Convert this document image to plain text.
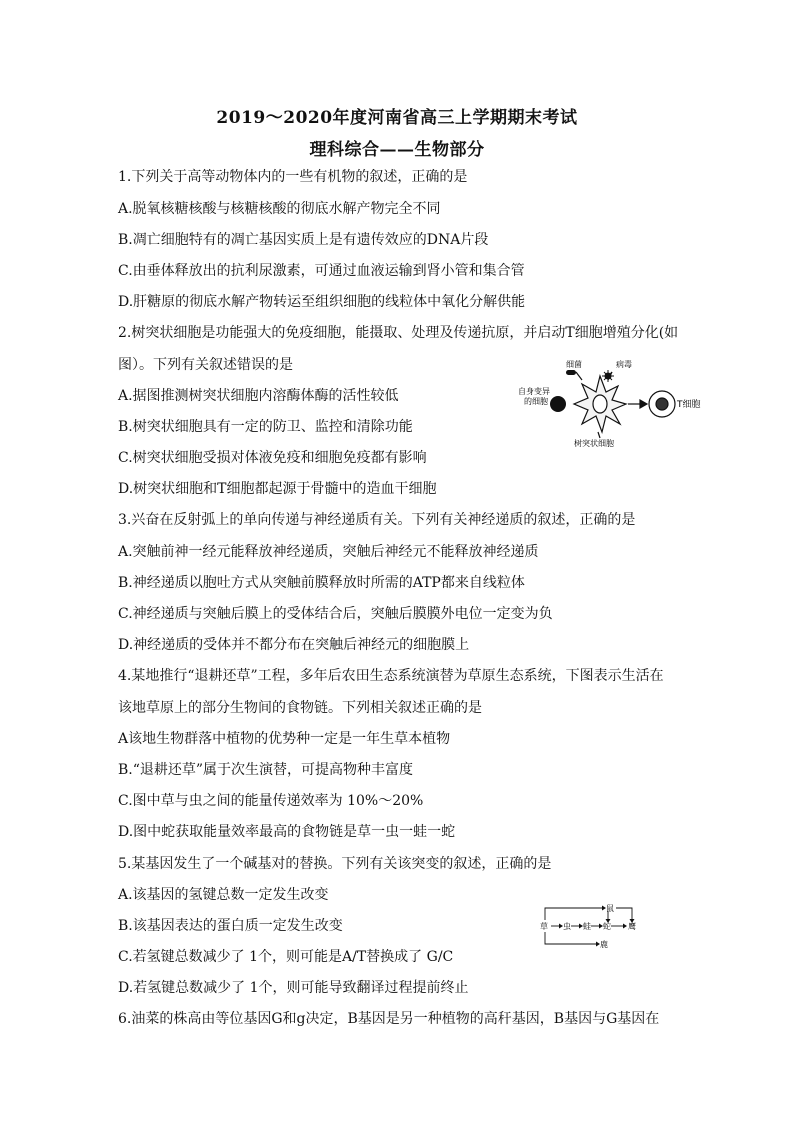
2019～2020年度河南省高三上学期期末考试
理科综合——生物部分
1.下列关于高等动物体内的一些有机物的叙述，正确的是
A.脱氧核糖核酸与核糖核酸的彻底水解产物完全不同
B.凋亡细胞特有的凋亡基因实质上是有遗传效应的DNA片段
C.由垂体释放出的抗利尿激素，可通过血液运输到肾小管和集合管
D.肝糖原的彻底水解产物转运至组织细胞的线粒体中氧化分解供能
2.树突状细胞是功能强大的免疫细胞，能摄取、处理及传递抗原，并启动T细胞增殖分化(如
图）。下列有关叙述错误的是
A.据图推测树突状细胞内溶酶体酶的活性较低
B.树突状细胞具有一定的防卫、监控和清除功能
C.树突状细胞受损对体液免疫和细胞免疫都有影响
D.树突状细胞和T细胞都起源于骨髓中的造血干细胞
3.兴奋在反射弧上的单向传递与神经递质有关。下列有关神经递质的叙述，正确的是
A.突触前神一经元能释放神经递质，突触后神经元不能释放神经递质
B.神经递质以胞吐方式从突触前膜释放时所需的ATP都来自线粒体
C.神经递质与突触后膜上的受体结合后，突触后膜膜外电位一定变为负
D.神经递质的受体并不都分布在突触后神经元的细胞膜上
4.某地推行“退耕还草”工程，多年后农田生态系统演替为草原生态系统，下图表示生活在
该地草原上的部分生物间的食物链。下列相关叙述正确的是
A该地生物群落中植物的优势种一定是一年生草本植物
B.“退耕还草”属于次生演替，可提高物种丰富度
C.图中草与虫之间的能量传递效率为 10%～20%
D.图中蛇获取能量效率最高的食物链是草一虫一蛙一蛇
5.某基因发生了一个碱基对的替换。下列有关该突变的叙述，正确的是
A.该基因的氢键总数一定发生改变
B.该基因表达的蛋白质一定发生改变
C.若氢键总数减少了 1个，则可能是A/T替换成了 G/C
D.若氢键总数减少了 1个，则可能导致翻译过程提前终止
6.油菜的株高由等位基因G和g决定，B基因是另一种植物的高秆基因，B基因与G基因在
细菌	病毒
自身变异
的细胞	T细胞
树突状细胞
草 虫 蛙 蛇 鹰
鼠
鹿
